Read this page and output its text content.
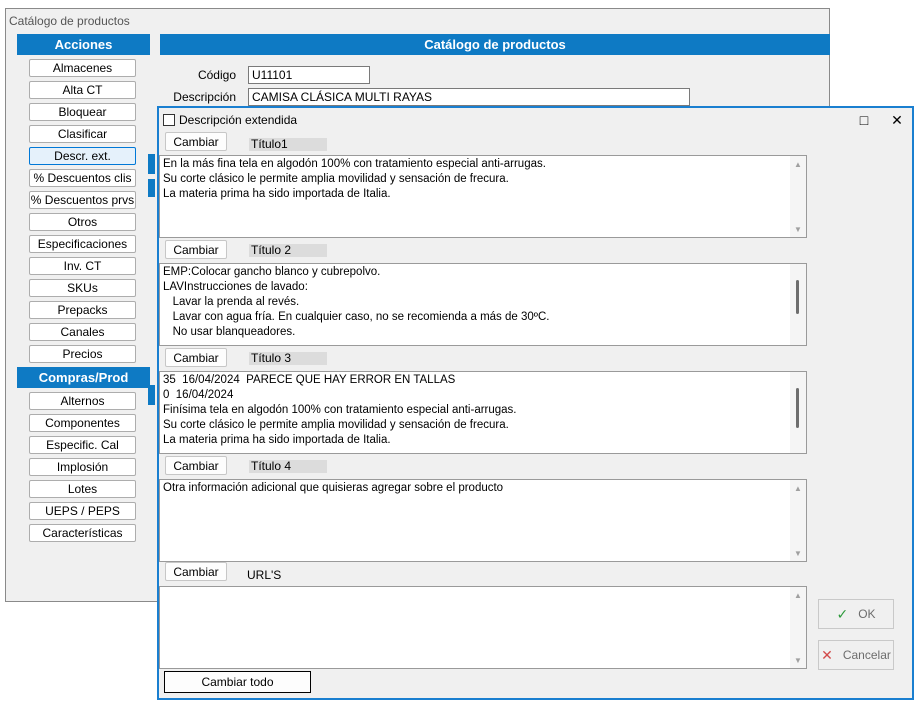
Catálogo de productos
Acciones
Almacenes
Alta CT
Bloquear
Clasificar
Descr. ext.
% Descuentos clis
% Descuentos prvs
Otros
Especificaciones
Inv. CT
SKUs
Prepacks
Canales
Precios
Compras/Prod
Alternos
Componentes
Especific. Cal
Implosión
Lotes
UEPS / PEPS
Características
Catálogo de productos
Código	U11101
Descripción	CAMISA CLÁSICA MULTI RAYAS
Descripción extendida	□	✕
Cambiar	Título1
En la más fina tela en algodón 100% con tratamiento especial anti-arrugas.
Su corte clásico le permite amplia movilidad y sensación de frecura.
La materia prima ha sido importada de Italia.
▲
▼
Cambiar	Título 2
EMP:Colocar gancho blanco y cubrepolvo.
LAVInstrucciones de lavado:
Lavar la prenda al revés.
Lavar con agua fría. En cualquier caso, no se recomienda a más de 30ºC.
No usar blanqueadores.
Cambiar	Título 3
35  16/04/2024  PARECE QUE HAY ERROR EN TALLAS
0  16/04/2024
Finísima tela en algodón 100% con tratamiento especial anti-arrugas.
Su corte clásico le permite amplia movilidad y sensación de frecura.
La materia prima ha sido importada de Italia.
Cambiar	Título 4
Otra información adicional que quisieras agregar sobre el producto	▲
▼
Cambiar	URL'S
▲
▼
✓ OK
✕ Cancelar
Cambiar todo
